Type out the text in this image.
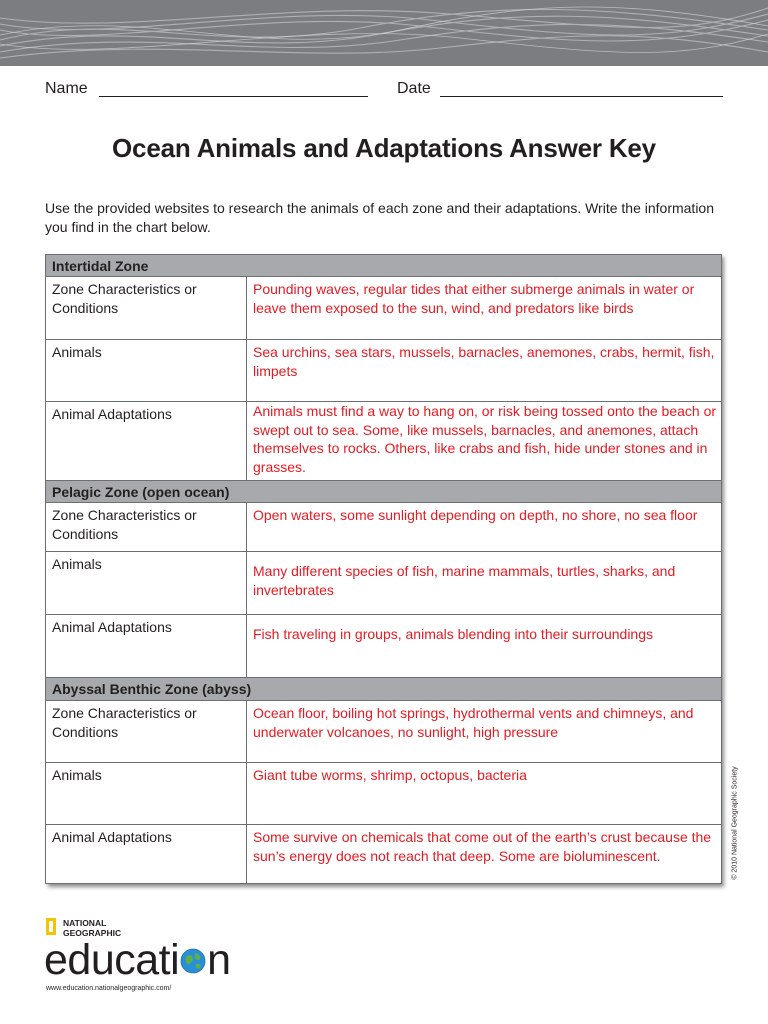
Name	Date
Ocean Animals and Adaptations Answer Key
Use the provided websites to research the animals of each zone and their adaptations. Write the information you find in the chart below.
Intertidal Zone	
Zone Characteristics or Conditions	Pounding waves, regular tides that either submerge animals in water or leave them exposed to the sun, wind, and predators like birds
Animals	Sea urchins, sea stars, mussels, barnacles, anemones, crabs, hermit, fish, limpets
Animal Adaptations	Animals must find a way to hang on, or risk being tossed onto the beach or swept out to sea. Some, like mussels, barnacles, and anemones, attach themselves to rocks. Others, like crabs and fish, hide under stones and in grasses.
Pelagic Zone (open ocean)	
Zone Characteristics or Conditions	Open waters, some sunlight depending on depth, no shore, no sea floor
Animals	Many different species of fish, marine mammals, turtles, sharks, and invertebrates
Animal Adaptations	Fish traveling in groups, animals blending into their surroundings
Abyssal Benthic Zone (abyss)	
Zone Characteristics or Conditions	Ocean floor, boiling hot springs, hydrothermal vents and chimneys, and underwater volcanoes, no sunlight, high pressure
Animals	Giant tube worms, shrimp, octopus, bacteria
Animal Adaptations	Some survive on chemicals that come out of the earth’s crust because the sun’s energy does not reach that deep. Some are bioluminescent.	© 2010 National Geographic Society
NATIONAL
GEOGRAPHIC
educati n
www.education.nationalgeographic.com/
